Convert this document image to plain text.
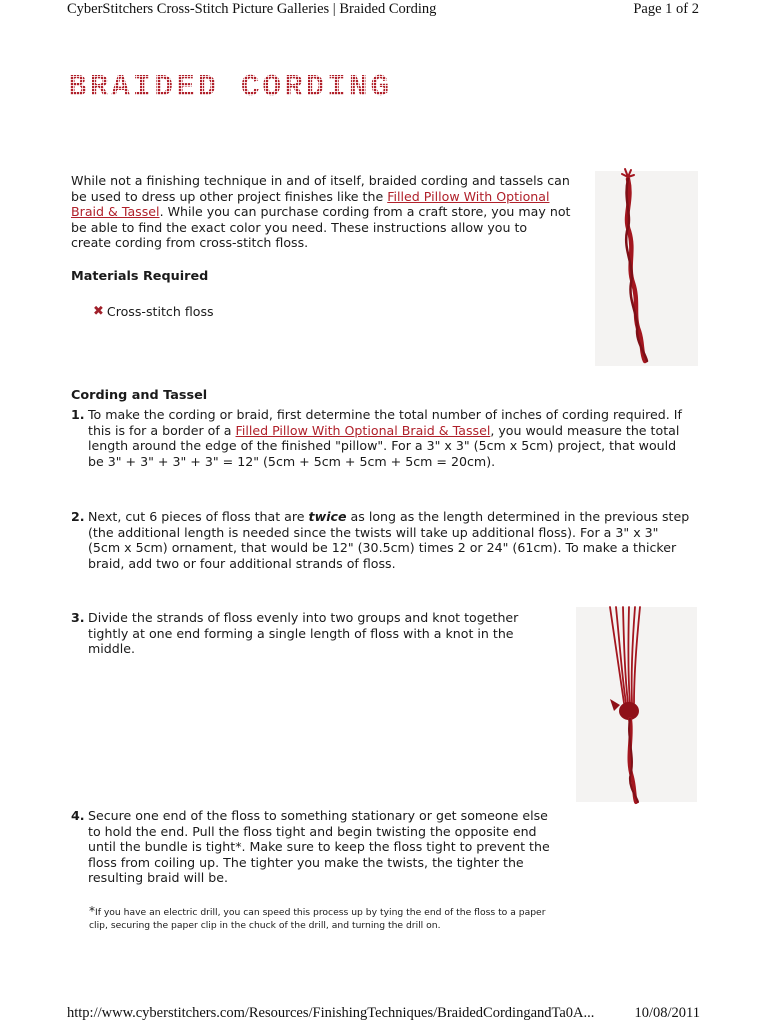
CyberStitchers Cross-Stitch Picture Galleries | Braided Cording	Page 1 of 2
BRAIDED CORDING
While not a finishing technique in and of itself, braided cording and tassels can be used to dress up other project finishes like the Filled Pillow With Optional Braid & Tassel. While you can purchase cording from a craft store, you may not be able to find the exact color you need. These instructions allow you to create cording from cross-stitch floss.
Materials Required
✖ Cross-stitch floss
Cording and Tassel
1. To make the cording or braid, first determine the total number of inches of cording required. If this is for a border of a Filled Pillow With Optional Braid & Tassel, you would measure the total length around the edge of the finished "pillow". For a 3" x 3" (5cm x 5cm) project, that would be 3" + 3" + 3" + 3" = 12" (5cm + 5cm + 5cm + 5cm = 20cm).
2. Next, cut 6 pieces of floss that are twice as long as the length determined in the previous step (the additional length is needed since the twists will take up additional floss). For a 3" x 3" (5cm x 5cm) ornament, that would be 12" (30.5cm) times 2 or 24" (61cm). To make a thicker braid, add two or four additional strands of floss.
3. Divide the strands of floss evenly into two groups and knot together tightly at one end forming a single length of floss with a knot in the middle.
4. Secure one end of the floss to something stationary or get someone else to hold the end. Pull the floss tight and begin twisting the opposite end until the bundle is tight*. Make sure to keep the floss tight to prevent the floss from coiling up. The tighter you make the twists, the tighter the resulting braid will be.
*If you have an electric drill, you can speed this process up by tying the end of the floss to a paper clip, securing the paper clip in the chuck of the drill, and turning the drill on.
http://www.cyberstitchers.com/Resources/FinishingTechniques/BraidedCordingandTa0A...	10/08/2011
